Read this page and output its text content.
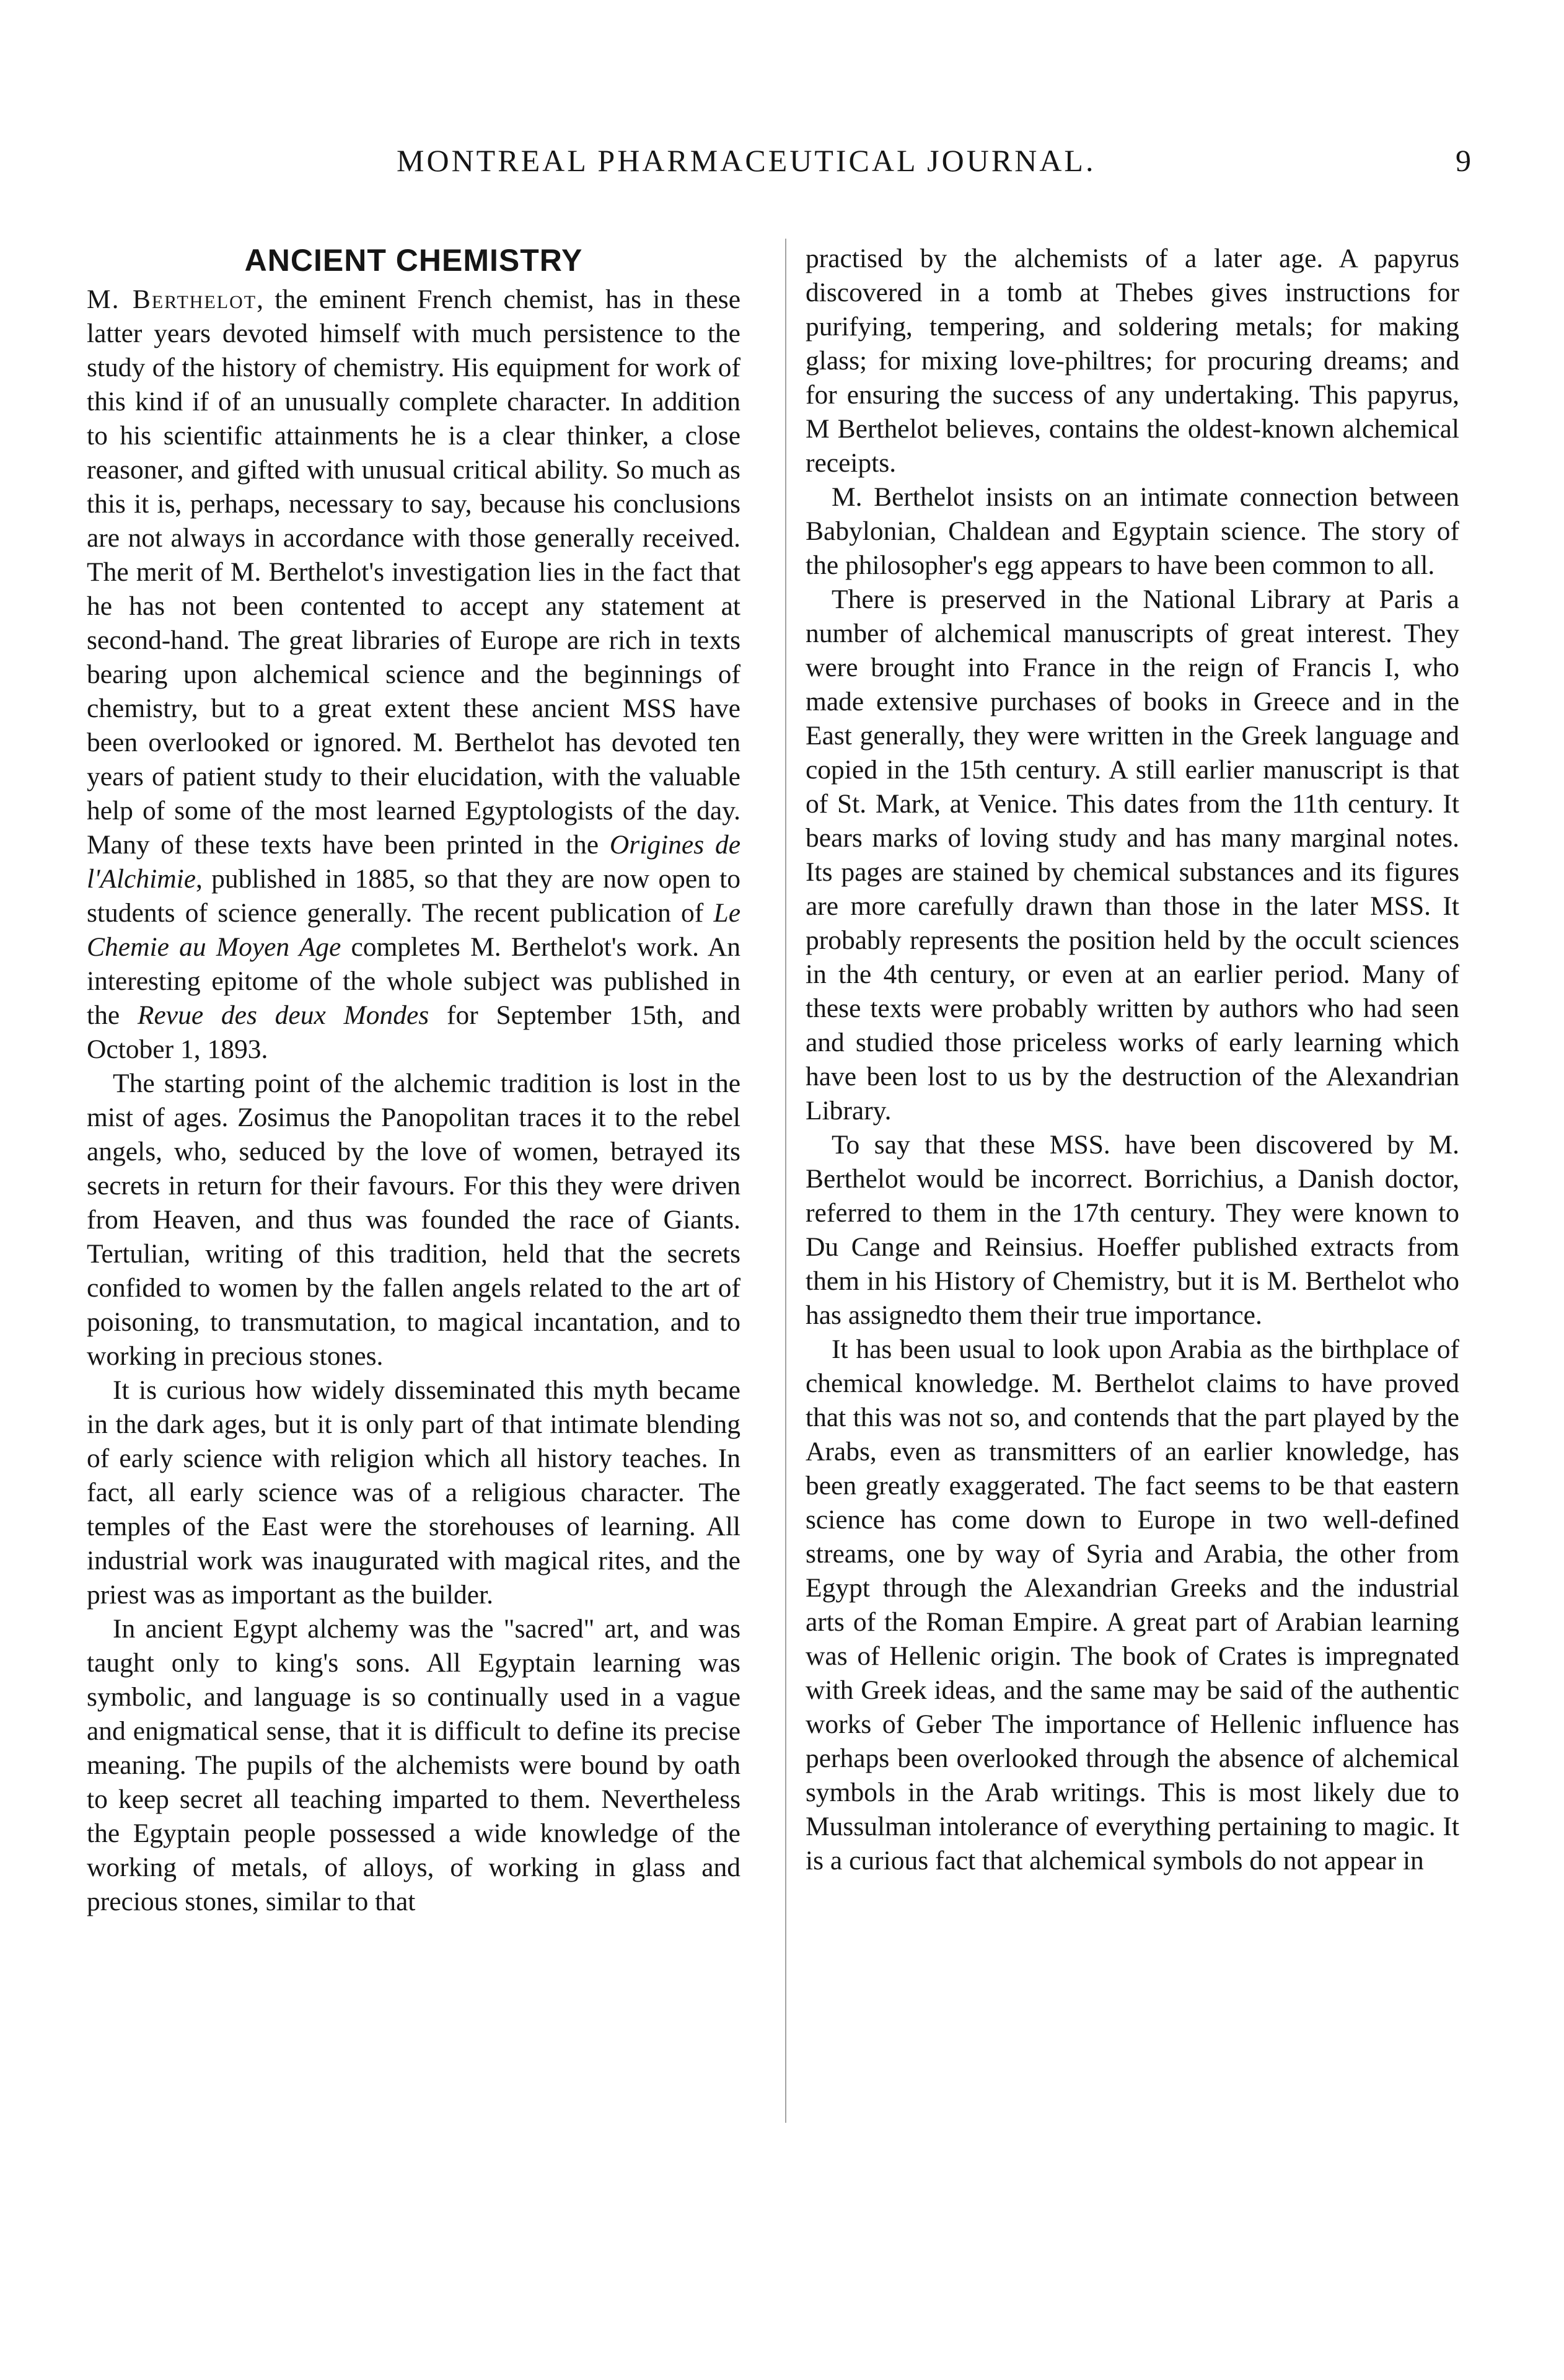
MONTREAL PHARMACEUTICAL JOURNAL.	9
ANCIENT CHEMISTRY

M. Berthelot, the eminent French chemist, has in these latter years devoted himself with much persistence to the study of the history of chemistry. His equipment for work of this kind if of an unusually complete character. In addition to his scientific attainments he is a clear thinker, a close reasoner, and gifted with unusual critical ability. So much as this it is, perhaps, necessary to say, because his conclusions are not always in accordance with those generally received. The merit of M. Berthelot's investigation lies in the fact that he has not been contented to accept any statement at second-hand. The great libraries of Europe are rich in texts bearing upon alchemical science and the beginnings of chemistry, but to a great extent these ancient MSS have been overlooked or ignored. M. Berthelot has devoted ten years of patient study to their elucidation, with the valuable help of some of the most learned Egyptologists of the day. Many of these texts have been printed in the Origines de l'Alchimie, published in 1885, so that they are now open to students of science generally. The recent publication of Le Chemie au Moyen Age completes M. Berthelot's work. An interesting epitome of the whole subject was published in the Revue des deux Mondes for September 15th, and October 1, 1893.

The starting point of the alchemic tradition is lost in the mist of ages. Zosimus the Panopolitan traces it to the rebel angels, who, seduced by the love of women, betrayed its secrets in return for their favours. For this they were driven from Heaven, and thus was founded the race of Giants. Tertulian, writing of this tradition, held that the secrets confided to women by the fallen angels related to the art of poisoning, to transmutation, to magical incantation, and to working in precious stones.

It is curious how widely disseminated this myth became in the dark ages, but it is only part of that intimate blending of early science with religion which all history teaches. In fact, all early science was of a religious character. The temples of the East were the storehouses of learning. All industrial work was inaugurated with magical rites, and the priest was as important as the builder.

In ancient Egypt alchemy was the "sacred" art, and was taught only to king's sons. All Egyptain learning was symbolic, and language is so continually used in a vague and enigmatical sense, that it is difficult to define its precise meaning. The pupils of the alchemists were bound by oath to keep secret all teaching imparted to them. Nevertheless the Egyptain people possessed a wide knowledge of the working of metals, of alloys, of working in glass and precious stones, similar to that

practised by the alchemists of a later age. A papyrus discovered in a tomb at Thebes gives instructions for purifying, tempering, and soldering metals; for making glass; for mixing love-philtres; for procuring dreams; and for ensuring the success of any undertaking. This papyrus, M Berthelot believes, contains the oldest-known alchemical receipts.

M. Berthelot insists on an intimate connection between Babylonian, Chaldean and Egyptain science. The story of the philosopher's egg appears to have been common to all.

There is preserved in the National Library at Paris a number of alchemical manuscripts of great interest. They were brought into France in the reign of Francis I, who made extensive purchases of books in Greece and in the East generally, they were written in the Greek language and copied in the 15th century. A still earlier manuscript is that of St. Mark, at Venice. This dates from the 11th century. It bears marks of loving study and has many marginal notes. Its pages are stained by chemical substances and its figures are more carefully drawn than those in the later MSS. It probably represents the position held by the occult sciences in the 4th century, or even at an earlier period. Many of these texts were probably written by authors who had seen and studied those priceless works of early learning which have been lost to us by the destruction of the Alexandrian Library.

To say that these MSS. have been discovered by M. Berthelot would be incorrect. Borrichius, a Danish doctor, referred to them in the 17th century. They were known to Du Cange and Reinsius. Hoeffer published extracts from them in his History of Chemistry, but it is M. Berthelot who has assignedto them their true importance.

It has been usual to look upon Arabia as the birthplace of chemical knowledge. M. Berthelot claims to have proved that this was not so, and contends that the part played by the Arabs, even as transmitters of an earlier knowledge, has been greatly exaggerated. The fact seems to be that eastern science has come down to Europe in two well-defined streams, one by way of Syria and Arabia, the other from Egypt through the Alexandrian Greeks and the industrial arts of the Roman Empire. A great part of Arabian learning was of Hellenic origin. The book of Crates is impregnated with Greek ideas, and the same may be said of the authentic works of Geber The importance of Hellenic influence has perhaps been overlooked through the absence of alchemical symbols in the Arab writings. This is most likely due to Mussulman intolerance of everything pertaining to magic. It is a curious fact that alchemical symbols do not appear in
